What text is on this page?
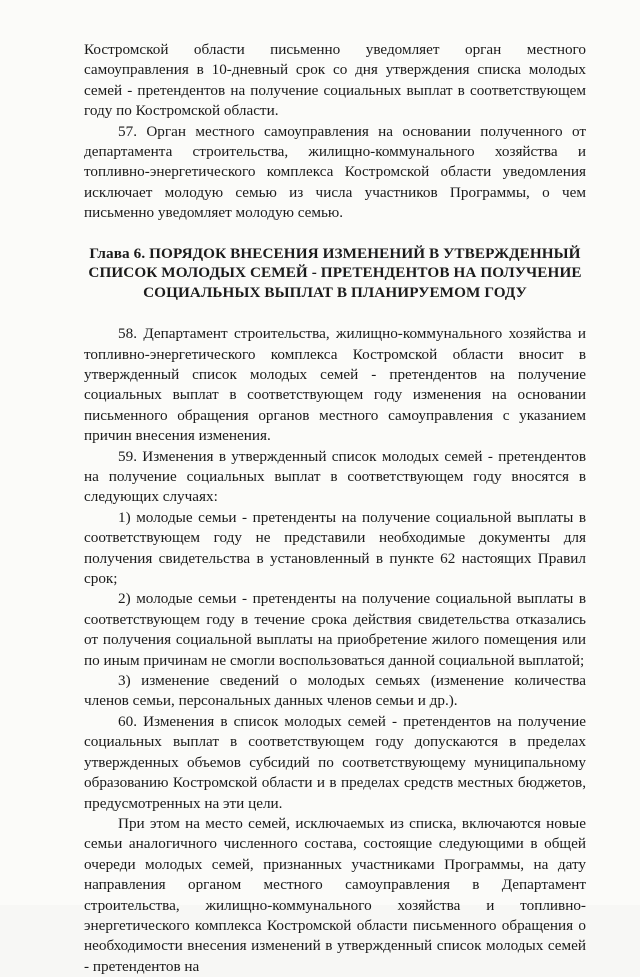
Костромской области письменно уведомляет орган местного самоуправления в 10-дневный срок со дня утверждения списка молодых семей - претендентов на получение социальных выплат в соответствующем году по Костромской области.

57. Орган местного самоуправления на основании полученного от департамента строительства, жилищно-коммунального хозяйства и топливно-энергетического комплекса Костромской области уведомления исключает молодую семью из числа участников Программы, о чем письменно уведомляет молодую семью.

Глава 6. ПОРЯДОК ВНЕСЕНИЯ ИЗМЕНЕНИЙ В УТВЕРЖДЕННЫЙ
СПИСОК МОЛОДЫХ СЕМЕЙ - ПРЕТЕНДЕНТОВ НА ПОЛУЧЕНИЕ
СОЦИАЛЬНЫХ ВЫПЛАТ В ПЛАНИРУЕМОМ ГОДУ

58. Департамент строительства, жилищно-коммунального хозяйства и топливно-энергетического комплекса Костромской области вносит в утвержденный список молодых семей - претендентов на получение социальных выплат в соответствующем году изменения на основании письменного обращения органов местного самоуправления с указанием причин внесения изменения.

59. Изменения в утвержденный список молодых семей - претендентов на получение социальных выплат в соответствующем году вносятся в следующих случаях:

1) молодые семьи - претенденты на получение социальной выплаты в соответствующем году не представили необходимые документы для получения свидетельства в установленный в пункте 62 настоящих Правил срок;

2) молодые семьи - претенденты на получение социальной выплаты в соответствующем году в течение срока действия свидетельства отказались от получения социальной выплаты на приобретение жилого помещения или по иным причинам не смогли воспользоваться данной социальной выплатой;

3) изменение сведений о молодых семьях (изменение количества членов семьи, персональных данных членов семьи и др.).

60. Изменения в список молодых семей - претендентов на получение социальных выплат в соответствующем году допускаются в пределах утвержденных объемов субсидий по соответствующему муниципальному образованию Костромской области и в пределах средств местных бюджетов, предусмотренных на эти цели.

При этом на место семей, исключаемых из списка, включаются новые семьи аналогичного численного состава, состоящие следующими в общей очереди молодых семей, признанных участниками Программы, на дату направления органом местного самоуправления в Департамент строительства, жилищно-коммунального хозяйства и топливно-энергетического комплекса Костромской области письменного обращения о необходимости внесения изменений в утвержденный список молодых семей - претендентов на
